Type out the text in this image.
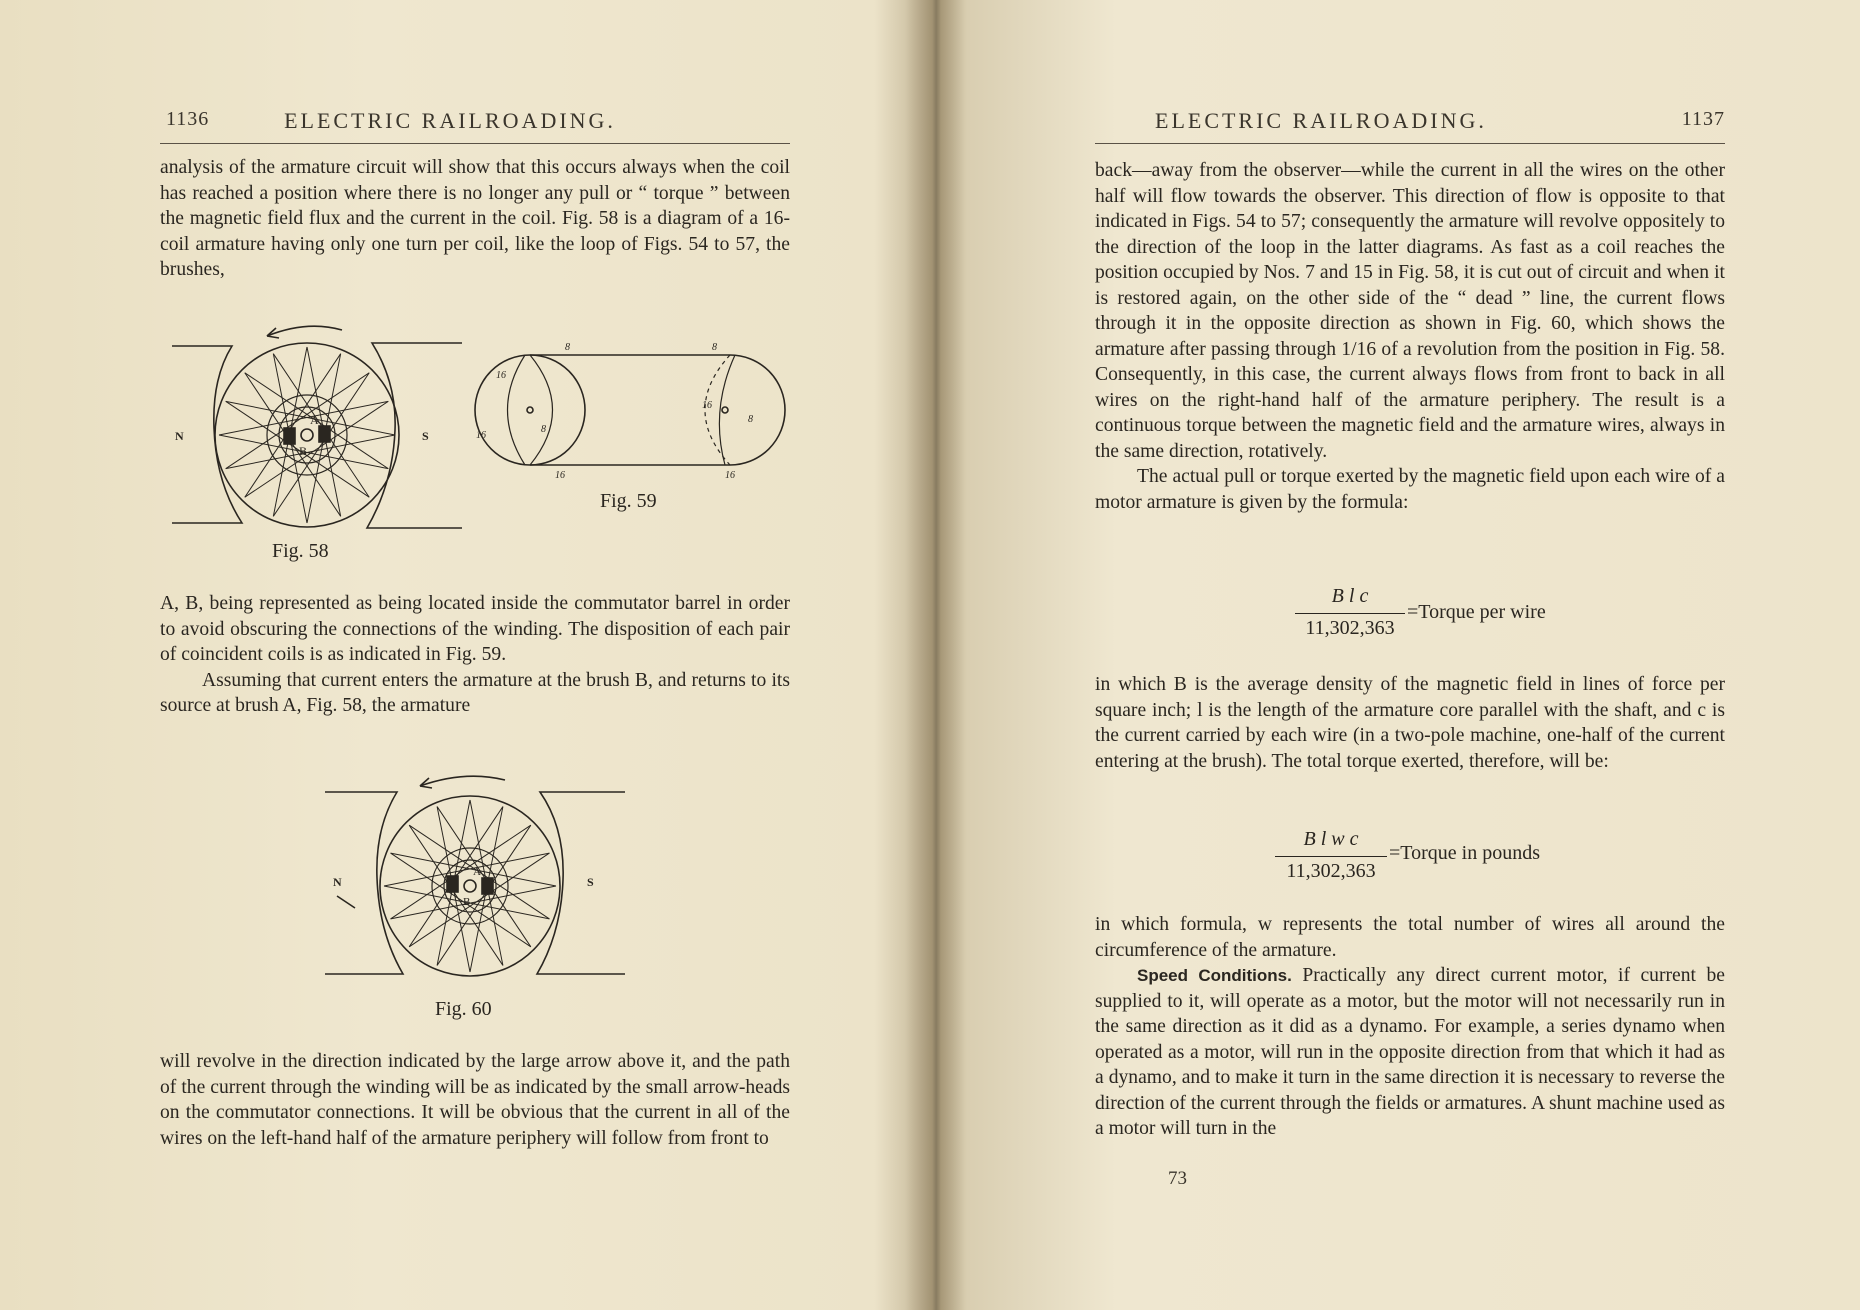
1136	ELECTRIC RAILROADING.

analysis of the armature circuit will show that this occurs always when the coil has reached a position where there is no longer any pull or “ torque ” between the magnetic field flux and the current in the coil. Fig. 58 is a diagram of a 16-coil armature having only one turn per coil, like the loop of Figs. 54 to 57, the brushes,

B
A
N	S
Fig. 58
8	8
16
16
16	16
8
16
8
Fig. 59

A, B, being represented as being located inside the commutator barrel in order to avoid obscuring the connections of the winding. The disposition of each pair of coincident coils is as indicated in Fig. 59.

Assuming that current enters the armature at the brush B, and returns to its source at brush A, Fig. 58, the armature

B
A
N	S
Fig. 60

will revolve in the direction indicated by the large arrow above it, and the path of the current through the winding will be as indicated by the small arrow-heads on the commutator connections. It will be obvious that the current in all of the wires on the left-hand half of the armature periphery will follow from front to

ELECTRIC RAILROADING.	1137

back—away from the observer—while the current in all the wires on the other half will flow towards the observer. This direction of flow is opposite to that indicated in Figs. 54 to 57; consequently the armature will revolve oppositely to the direction of the loop in the latter diagrams. As fast as a coil reaches the position occupied by Nos. 7 and 15 in Fig. 58, it is cut out of circuit and when it is restored again, on the other side of the “ dead ” line, the current flows through it in the opposite direction as shown in Fig. 60, which shows the armature after passing through 1/16 of a revolution from the position in Fig. 58. Consequently, in this case, the current always flows from front to back in all wires on the right-hand half of the armature periphery. The result is a continuous torque between the magnetic field and the armature wires, always in the same direction, rotatively.

The actual pull or torque exerted by the magnetic field upon each wire of a motor armature is given by the formula:

B l c
11,302,363
=Torque per wire

in which B is the average density of the magnetic field in lines of force per square inch; l is the length of the armature core parallel with the shaft, and c is the current carried by each wire (in a two-pole machine, one-half of the current entering at the brush). The total torque exerted, therefore, will be:

B l w c
11,302,363
=Torque in pounds

in which formula, w represents the total number of wires all around the circumference of the armature.

Speed Conditions. Practically any direct current motor, if current be supplied to it, will operate as a motor, but the motor will not necessarily run in the same direction as it did as a dynamo. For example, a series dynamo when operated as a motor, will run in the opposite direction from that which it had as a dynamo, and to make it turn in the same direction it is necessary to reverse the direction of the current through the fields or armatures. A shunt machine used as a motor will turn in the

73
